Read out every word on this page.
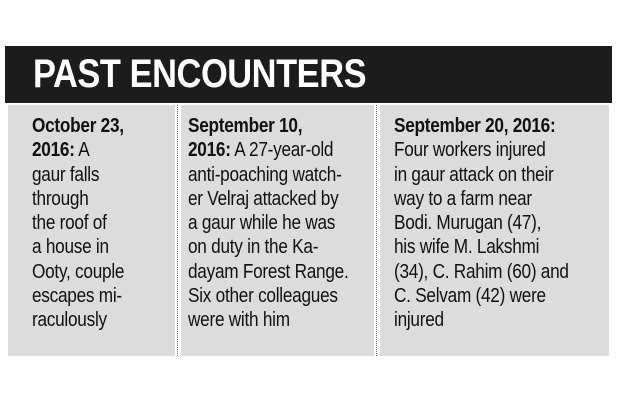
PAST ENCOUNTERS
October 23,
2016: A
gaur falls
through
the roof of
a house in
Ooty, couple
escapes mi-
raculously
September 10,
2016: A 27-year-old
anti-poaching watch-
er Velraj attacked by
a gaur while he was
on duty in the Ka-
dayam Forest Range.
Six other colleagues
were with him
September 20, 2016:
Four workers injured
in gaur attack on their
way to a farm near
Bodi. Murugan (47),
his wife M. Lakshmi
(34), C. Rahim (60) and
C. Selvam (42) were
injured
